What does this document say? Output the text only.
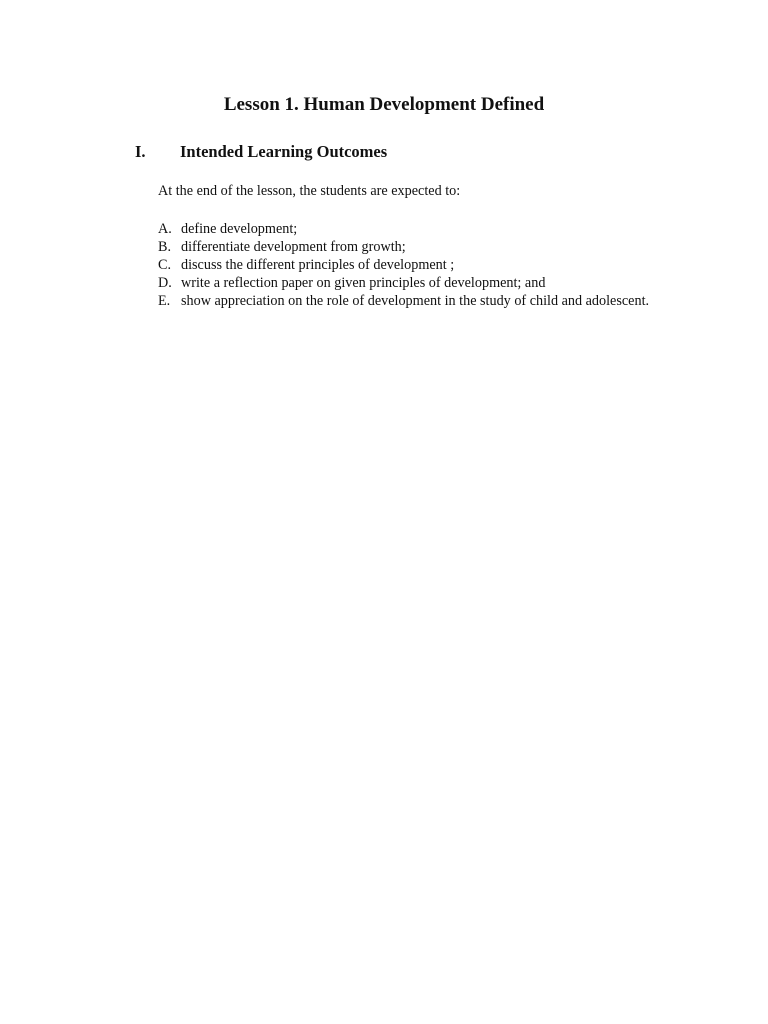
Lesson 1. Human Development Defined
I. Intended Learning Outcomes

At the end of the lesson, the students are expected to:

A. define development;
B. differentiate development from growth;
C. discuss the different principles of development ;
D. write a reflection paper on given principles of development; and
E. show appreciation on the role of development in the study of child and adolescent.
